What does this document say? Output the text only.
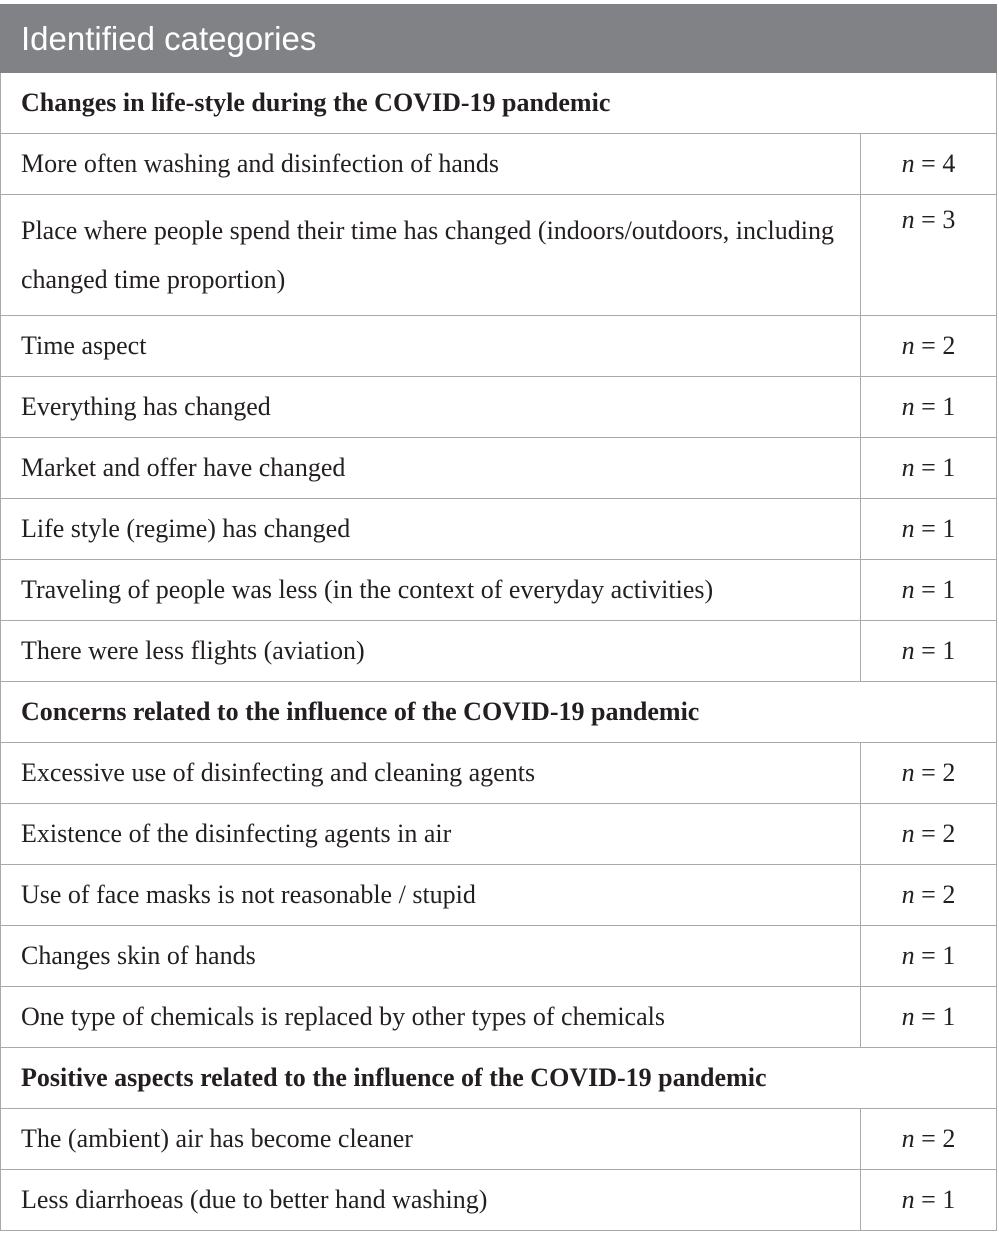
Identified categories	
Changes in life-style during the COVID-19 pandemic	
More often washing and disinfection of hands	n = 4
Place where people spend their time has changed (indoors/outdoors, including changed time proportion)	n = 3
Time aspect	n = 2
Everything has changed	n = 1
Market and offer have changed	n = 1
Life style (regime) has changed	n = 1
Traveling of people was less (in the context of everyday activities)	n = 1
There were less flights (aviation)	n = 1
Concerns related to the influence of the COVID-19 pandemic	
Excessive use of disinfecting and cleaning agents	n = 2
Existence of the disinfecting agents in air	n = 2
Use of face masks is not reasonable / stupid	n = 2
Changes skin of hands	n = 1
One type of chemicals is replaced by other types of chemicals	n = 1
Positive aspects related to the influence of the COVID-19 pandemic	
The (ambient) air has become cleaner	n = 2
Less diarrhoeas (due to better hand washing)	n = 1
